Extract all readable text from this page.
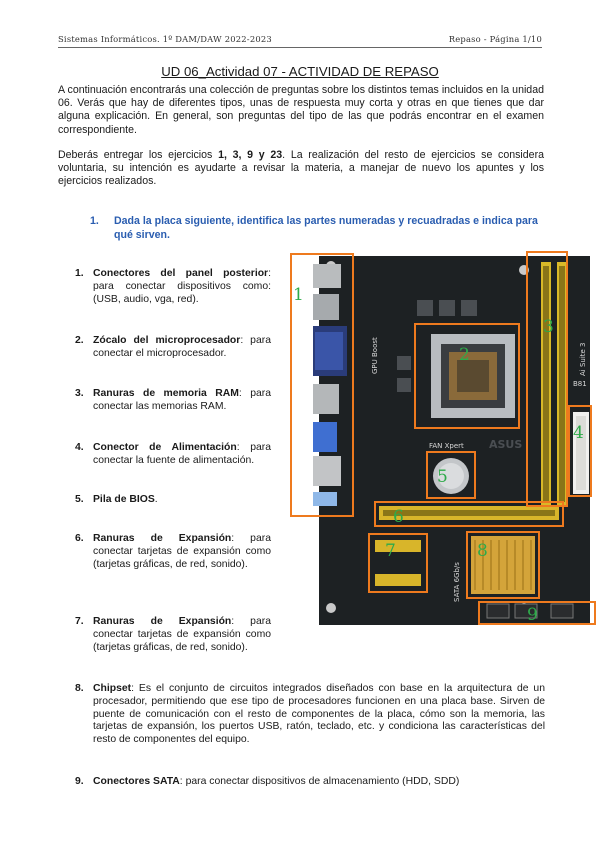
Sistemas Informáticos. 1º DAM/DAW 2022-2023	Repaso - Página 1/10
UD 06_Actividad 07 - ACTIVIDAD DE REPASO

A continuación encontrarás una colección de preguntas sobre los distintos temas incluidos en la unidad 06. Verás que hay de diferentes tipos, unas de respuesta muy corta y otras en que tienes que dar alguna explicación. En general, son preguntas del tipo de las que podrás encontrar en el examen correspondiente.

Deberás entregar los ejercicios 1, 3, 9 y 23. La realización del resto de ejercicios se considera voluntaria, su intención es ayudarte a revisar la materia, a manejar de nuevo los apuntes y los ejercicios realizados.

1. Dada la placa siguiente, identifica las partes numeradas y recuadradas e indica para qué sirven.
1. Conectores del panel posterior: para conectar dispositivos como: (USB, audio, vga, red).
2. Zócalo del microprocesador: para conectar el microprocesador.
3. Ranuras de memoria RAM: para conectar las memorias RAM.
4. Conector de Alimentación: para conectar la fuente de alimentación.
5. Pila de BIOS.
6. Ranuras de Expansión: para conectar tarjetas de expansión como (tarjetas gráficas, de red, sonido).
7. Ranuras de Expansión: para conectar tarjetas de expansión como (tarjetas gráficas, de red, sonido).
8. Chipset: Es el conjunto de circuitos integrados diseñados con base en la arquitectura de un procesador, permitiendo que ese tipo de procesadores funcionen en una placa base. Sirven de puente de comunicación con el resto de componentes de la placa, cómo son la memoria, las tarjetas de expansión, los puertos USB, ratón, teclado, etc. y condiciona las características del resto de componentes del equipo.
9. Conectores SATA: para conectar dispositivos de almacenamiento (HDD, SDD)
GPU Boost
SATA 6Gb/s
FAN Xpert
Ai Suite 3
ASUS
B81
1
2
3
4
5
6
7	8
9
